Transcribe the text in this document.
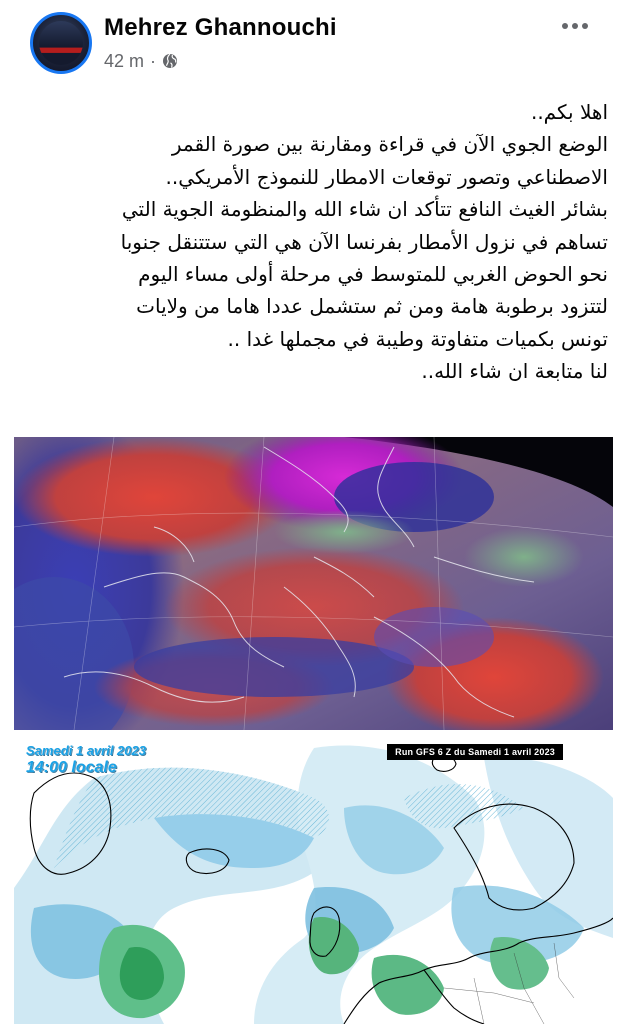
Mehrez Ghannouchi
42 m ·
اهلا بكم..
الوضع الجوي الآن في قراءة ومقارنة بين صورة القمر
الاصطناعي وتصور توقعات الامطار للنموذج الأمريكي..
بشائر الغيث النافع تتأكد ان شاء الله والمنظومة الجوية التي
تساهم في نزول الأمطار بفرنسا الآن هي التي ستتنقل جنوبا
نحو الحوض الغربي للمتوسط في مرحلة أولى مساء اليوم
لتتزود برطوبة هامة ومن ثم ستشمل عددا هاما من ولايات
تونس بكميات متفاوتة وطيبة في مجملها غدا ..
لنا متابعة ان شاء الله..
Samedi 1 avril 2023
14:00 locale
Run GFS 6 Z du Samedi 1 avril 2023
